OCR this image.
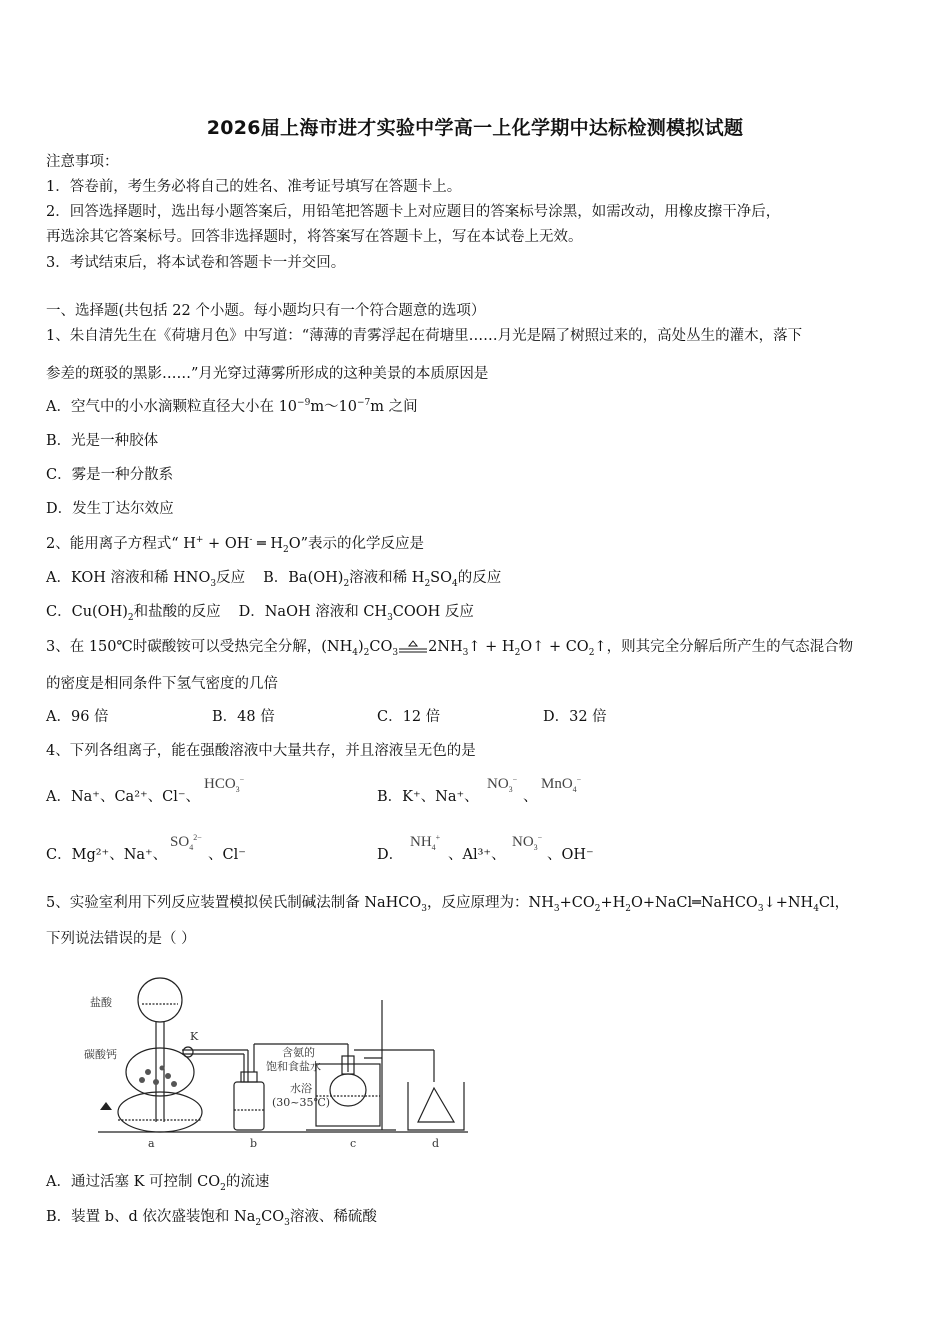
2026届上海市进才实验中学高一上化学期中达标检测模拟试题
注意事项：
1．答卷前，考生务必将自己的姓名、准考证号填写在答题卡上。
2．回答选择题时，选出每小题答案后，用铅笔把答题卡上对应题目的答案标号涂黑，如需改动，用橡皮擦干净后，
再选涂其它答案标号。回答非选择题时，将答案写在答题卡上，写在本试卷上无效。
3．考试结束后，将本试卷和答题卡一并交回。
一、选择题(共包括 22 个小题。每小题均只有一个符合题意的选项）
1、朱自清先生在《荷塘月色》中写道：“薄薄的青雾浮起在荷塘里……月光是隔了树照过来的，高处丛生的灌木，落下
参差的斑驳的黑影……”月光穿过薄雾所形成的这种美景的本质原因是
A．空气中的小水滴颗粒直径大小在 $10^{-9}m\sim 10^{-7}m$ 之间
B．光是一种胶体
C．雾是一种分散系
D．发生丁达尔效应
2、能用离子方程式“ H+ + OH- ═ $H_2O$”表示的化学反应是
A．KOH 溶液和稀 $HNO_3$反应 B．$Ba(OH)_2$溶液和稀 $H_2SO_4$的反应
C．$Cu(OH)_2$和盐酸的反应 D．NaOH 溶液和 $CH_3COOH$ 反应
3、在 150℃时碳酸铵可以受热完全分解，$(NH_4)_2CO_3$ $2NH_3↑$ + $H_2O↑$ + $CO_2↑$，则其完全分解后所产生的气态混合物
的密度是相同条件下氢气密度的几倍
A．96 倍	B．48 倍	C．12 倍	D．32 倍
4、下列各组离子，能在强酸溶液中大量共存，并且溶液呈无色的是
A．Na⁺、Ca²⁺、Cl⁻、
$HCO_3^-$
B．K⁺、Na⁺、
$NO_3^-$
、
MnO$_4$−
C．Mg²⁺、Na⁺、
$SO_4^{2-}$
、Cl⁻	D．
$NH_4^+$
、Al³⁺、
$NO_3^-$
、OH⁻
5、实验室利用下列反应装置模拟侯氏制碱法制备 NaHCO$_3$，反应原理为：$NH_3+CO_2+H_2O+NaCl═NaHCO_3↓+NH_4Cl$，
下列说法错误的是（ ）
盐酸
碳酸钙
K
含氨的
饱和食盐水
水浴
(30~35℃)
a	b	c	d
A．通过活塞 K 可控制 $CO_2$的流速
B．装置 b、d 依次盛装饱和 $Na_2CO_3$溶液、稀硫酸
